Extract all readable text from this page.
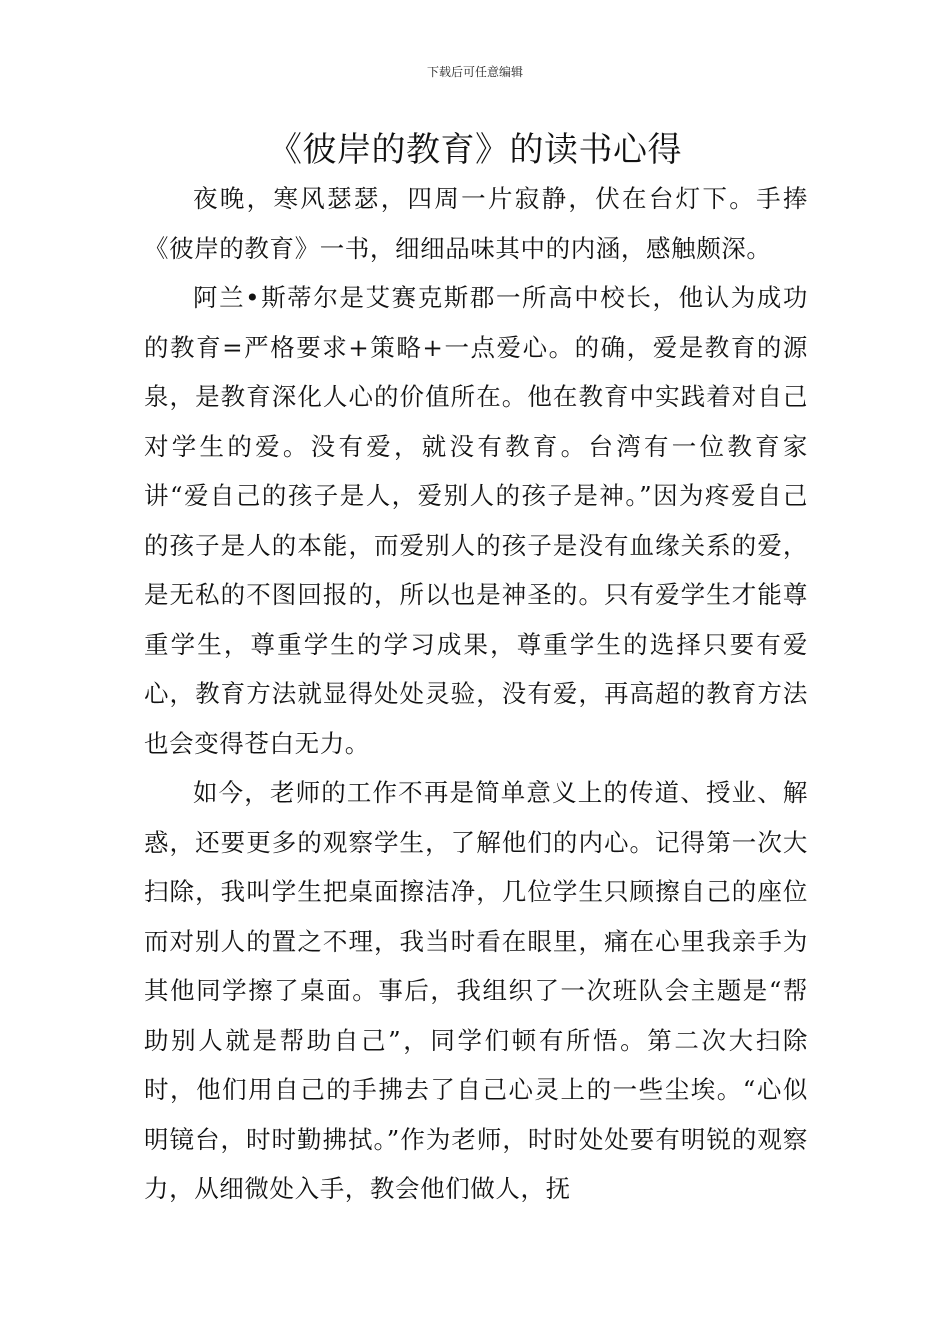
下载后可任意编辑
《彼岸的教育》的读书心得

夜晚，寒风瑟瑟，四周一片寂静，伏在台灯下。手捧《彼岸的教育》一书，细细品味其中的内涵，感触颇深。

阿兰•斯蒂尔是艾赛克斯郡一所高中校长，他认为成功的教育=严格要求+策略+一点爱心。的确，爱是教育的源泉，是教育深化人心的价值所在。他在教育中实践着对自己对学生的爱。没有爱，就没有教育。台湾有一位教育家讲“爱自己的孩子是人，爱别人的孩子是神。”因为疼爱自己的孩子是人的本能，而爱别人的孩子是没有血缘关系的爱，是无私的不图回报的，所以也是神圣的。只有爱学生才能尊重学生，尊重学生的学习成果，尊重学生的选择只要有爱心，教育方法就显得处处灵验，没有爱，再高超的教育方法也会变得苍白无力。

如今，老师的工作不再是简单意义上的传道、授业、解惑，还要更多的观察学生，了解他们的内心。记得第一次大扫除，我叫学生把桌面擦洁净，几位学生只顾擦自己的座位而对别人的置之不理，我当时看在眼里，痛在心里我亲手为其他同学擦了桌面。事后，我组织了一次班队会主题是“帮助别人就是帮助自己”，同学们顿有所悟。第二次大扫除时，他们用自己的手拂去了自己心灵上的一些尘埃。“心似明镜台，时时勤拂拭。”作为老师，时时处处要有明锐的观察力，从细微处入手，教会他们做人，抚
